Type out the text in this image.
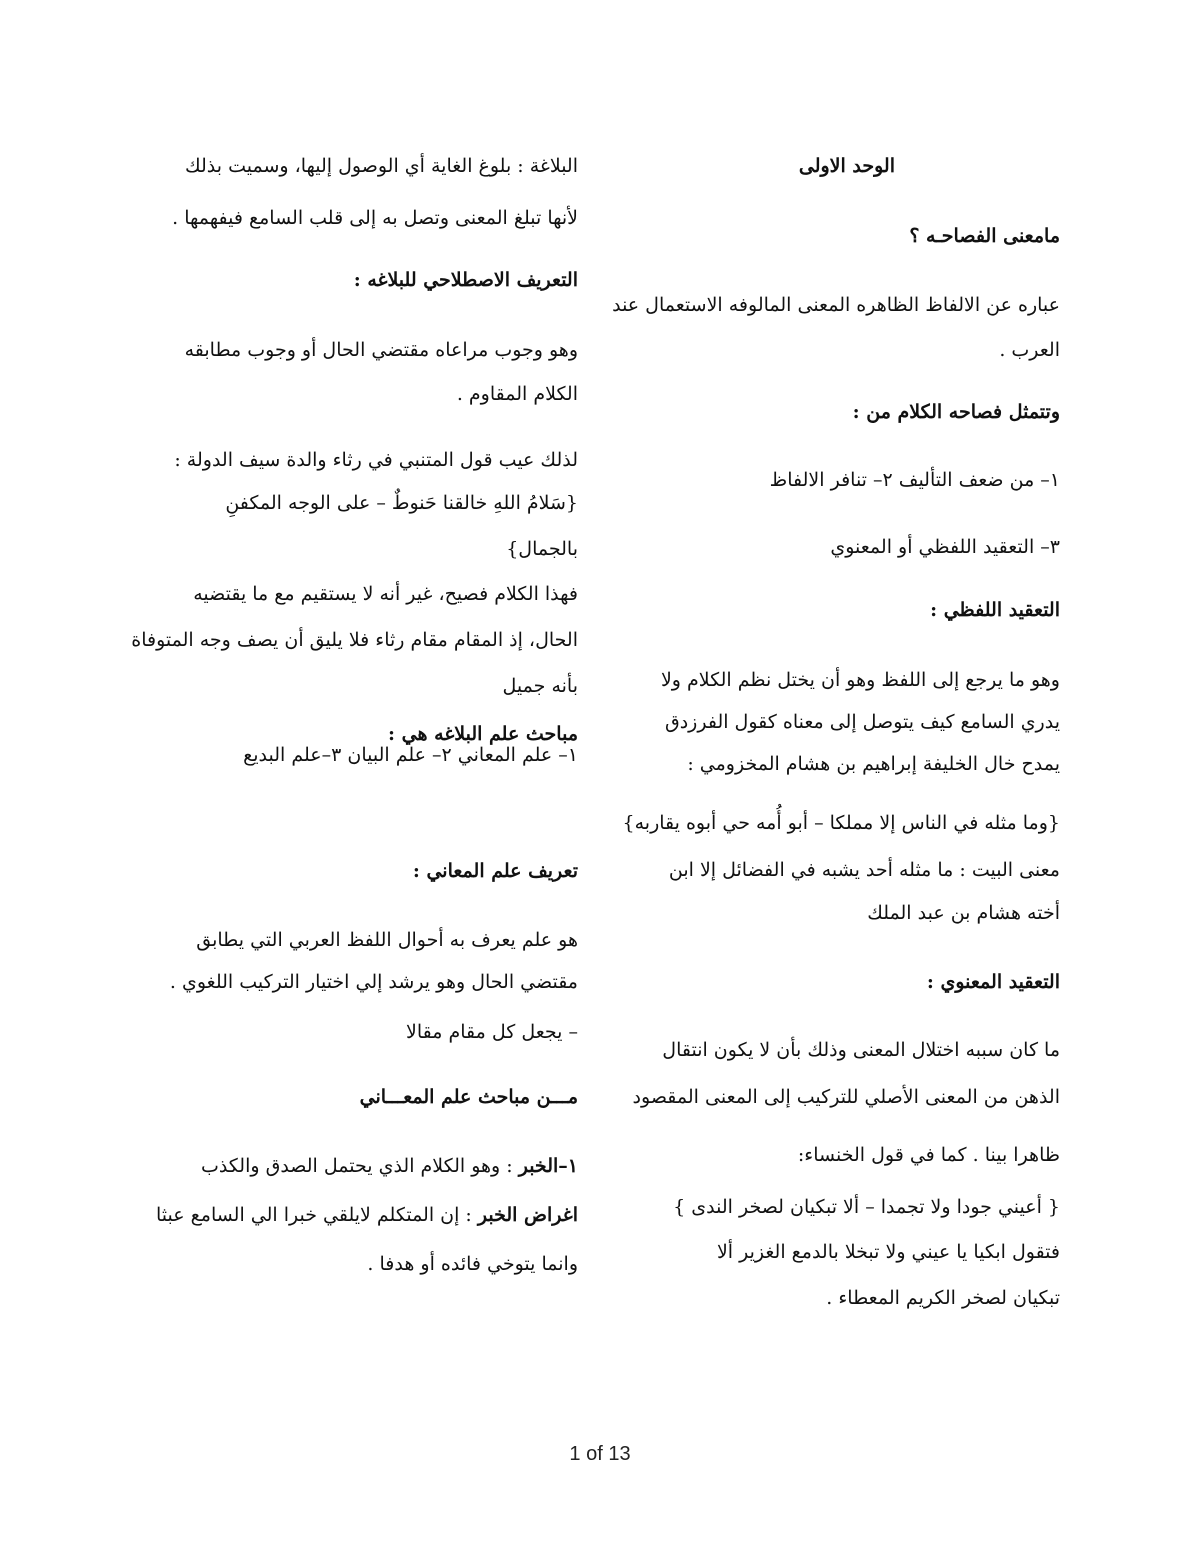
الوحد الاولى
مامعنى الفصاحـه ؟
عباره عن الالفاظ الظاهره المعنى المالوفه الاستعمال عند
العرب .
وتتمثل فصاحه الكلام من :
١– من ضعف التأليف ٢– تنافر الالفاظ
٣– التعقيد اللفظي أو المعنوي
التعقيد اللفظي :
وهو ما يرجع إلى اللفظ وهو أن يختل نظم الكلام ولا
يدري السامع كيف يتوصل إلى معناه كقول الفرزدق
يمدح خال الخليفة إبراهيم بن هشام المخزومي :
{وما مثله في الناس إلا مملكا – أبو أُمه حي أبوه يقاربه}
معنى البيت : ما مثله أحد يشبه في الفضائل إلا ابن
أخته هشام بن عبد الملك
التعقيد المعنوي :
ما كان سببه اختلال المعنى وذلك بأن لا يكون انتقال
الذهن من المعنى الأصلي للتركيب إلى المعنى المقصود
ظاهرا بينا . كما في قول الخنساء:
{ أعيني جودا ولا تجمدا – ألا تبكيان لصخر الندى }
فتقول ابكيا يا عيني ولا تبخلا بالدمع الغزير ألا
تبكيان لصخر الكريم المعطاء .
البلاغة : بلوغ الغاية أي الوصول إليها، وسميت بذلك
لأنها تبلغ المعنى وتصل به إلى قلب السامع فيفهمها .
التعريف الاصطلاحي للبلاغه :
وهو وجوب مراعاه مقتضي الحال أو وجوب مطابقه
الكلام المقاوم .
لذلك عيب قول المتنبي في رثاء والدة سيف الدولة :
{سَلامُ اللهِ خالقنا حَنوطٌ – على الوجه المكفنِ
بالجمال}
فهذا الكلام فصيح، غير أنه لا يستقيم مع ما يقتضيه
الحال، إذ المقام مقام رثاء فلا يليق أن يصف وجه المتوفاة
بأنه جميل
مباحث علم البلاغه هي :
١– علم المعاني ٢– علم البيان ٣–علم البديع
تعريف علم المعاني :
هو علم يعرف به أحوال اللفظ العربي التي يطابق
مقتضي الحال وهو يرشد إلي اختيار التركيب اللغوي .
– يجعل كل مقام مقالا
مـــن مباحث علم المعـــاني
١–الخبر : وهو الكلام الذي يحتمل الصدق والكذب
اغراض الخبر : إن المتكلم لايلقي خبرا الي السامع عبثا
وانما يتوخي فائده أو هدفا .
1 of 13
